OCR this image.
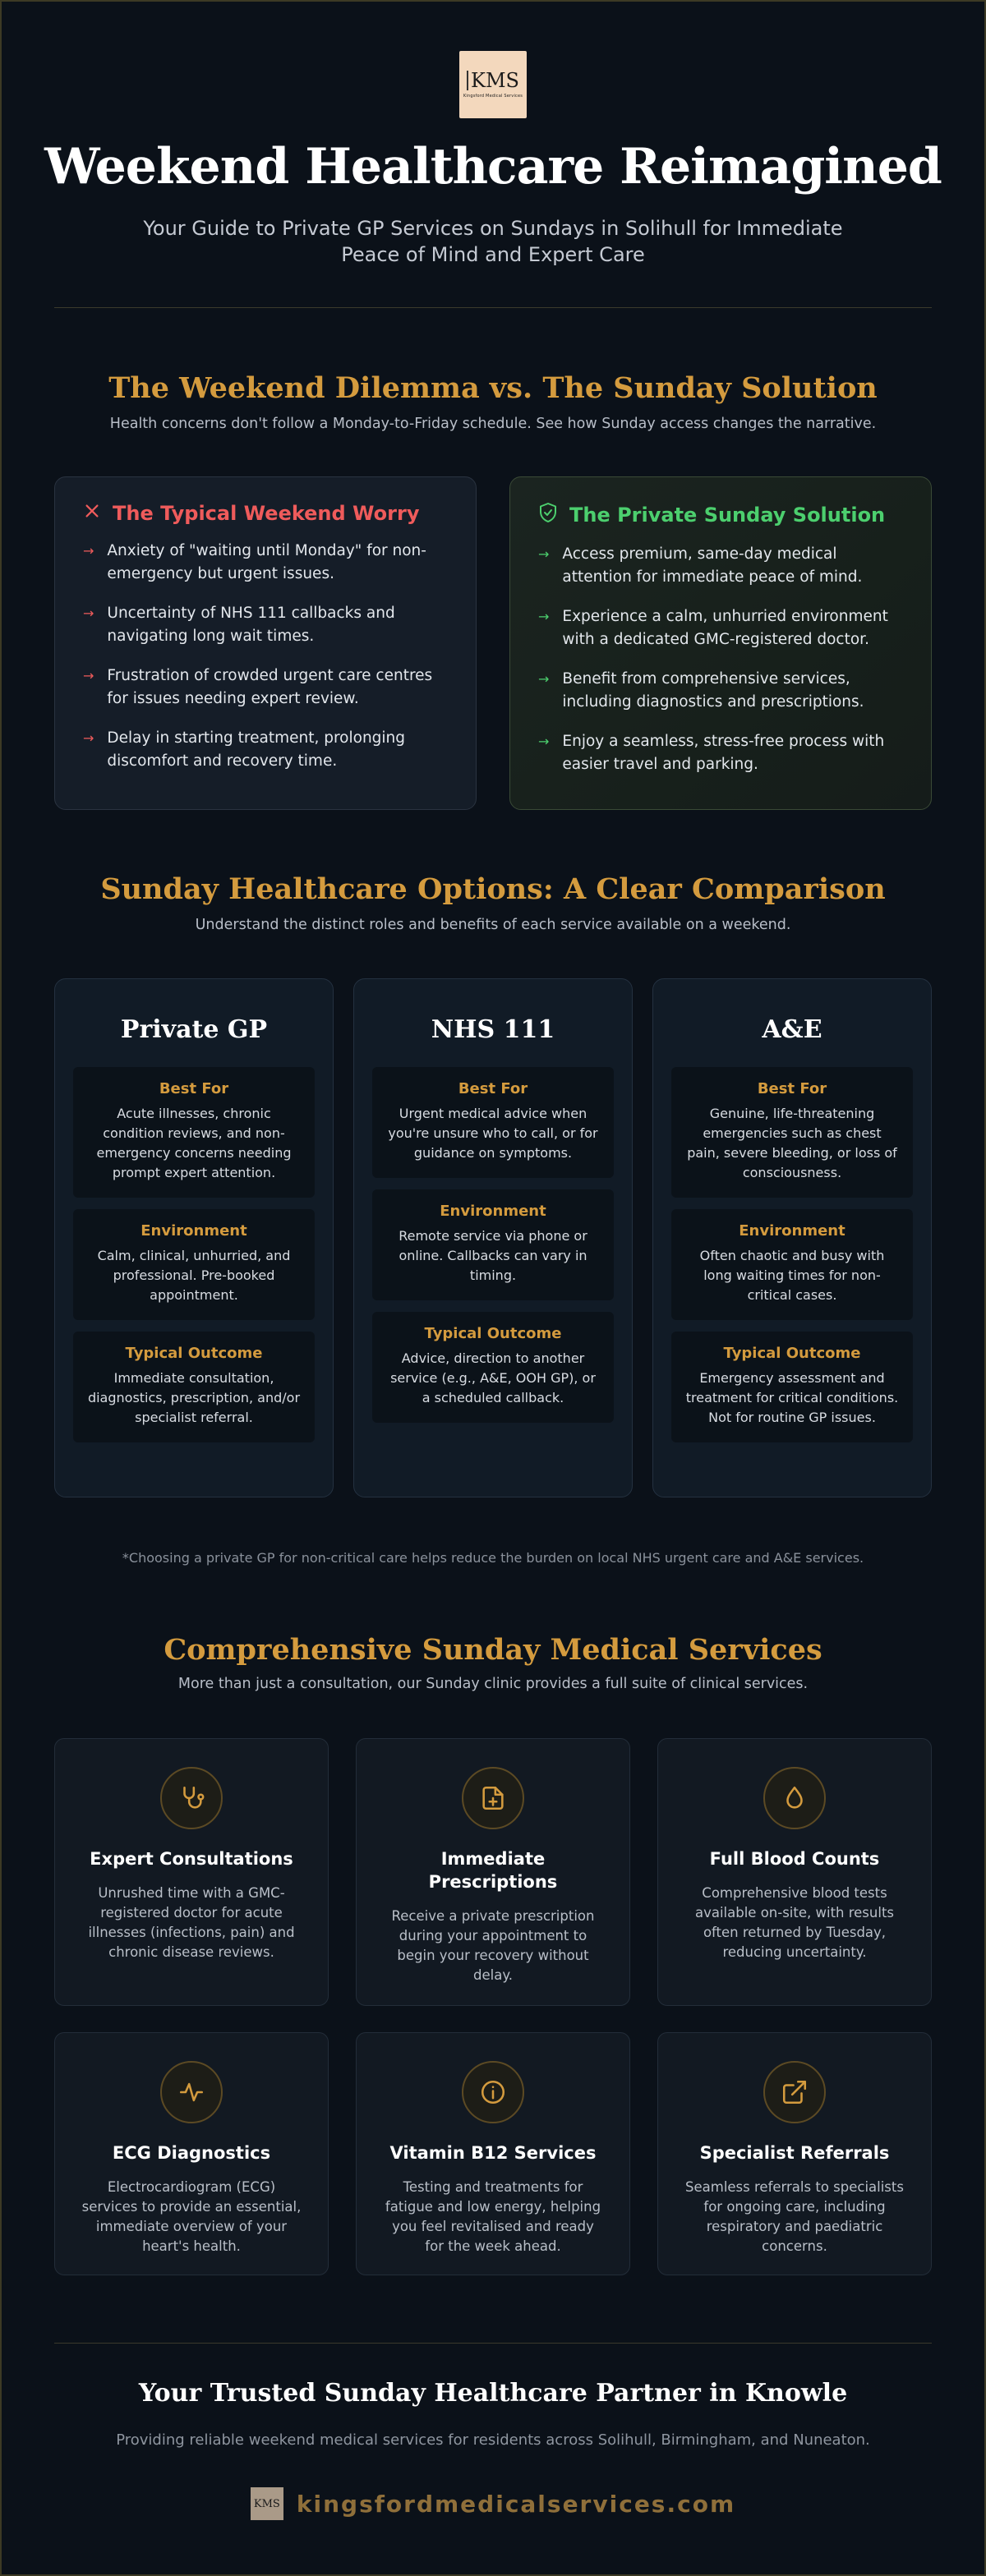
KMS
Kingsford Medical Services
Weekend Healthcare Reimagined

Your Guide to Private GP Services on Sundays in Solihull for Immediate Peace of Mind and Expert Care

The Weekend Dilemma vs. The Sunday Solution

Health concerns don't follow a Monday-to-Friday schedule. See how Sunday access changes the narrative.

The Typical Weekend Worry
→ Anxiety of "waiting until Monday" for non-emergency but urgent issues.
→ Uncertainty of NHS 111 callbacks and navigating long wait times.
→ Frustration of crowded urgent care centres for issues needing expert review.
→ Delay in starting treatment, prolonging discomfort and recovery time.
The Private Sunday Solution
→ Access premium, same-day medical attention for immediate peace of mind.
→ Experience a calm, unhurried environment with a dedicated GMC-registered doctor.
→ Benefit from comprehensive services, including diagnostics and prescriptions.
→ Enjoy a seamless, stress-free process with easier travel and parking.
Sunday Healthcare Options: A Clear Comparison

Understand the distinct roles and benefits of each service available on a weekend.

Private GP
Best For
Acute illnesses, chronic condition reviews, and non-emergency concerns needing prompt expert attention.
Environment
Calm, clinical, unhurried, and professional. Pre-booked appointment.
Typical Outcome
Immediate consultation, diagnostics, prescription, and/or specialist referral.
NHS 111
Best For
Urgent medical advice when you're unsure who to call, or for guidance on symptoms.
Environment
Remote service via phone or online. Callbacks can vary in timing.
Typical Outcome
Advice, direction to another service (e.g., A&E, OOH GP), or a scheduled callback.
A&E
Best For
Genuine, life-threatening emergencies such as chest pain, severe bleeding, or loss of consciousness.
Environment
Often chaotic and busy with long waiting times for non-critical cases.
Typical Outcome
Emergency assessment and treatment for critical conditions. Not for routine GP issues.

*Choosing a private GP for non-critical care helps reduce the burden on local NHS urgent care and A&E services.

Comprehensive Sunday Medical Services

More than just a consultation, our Sunday clinic provides a full suite of clinical services.

Expert Consultations

Unrushed time with a GMC-registered doctor for acute illnesses (infections, pain) and chronic disease reviews.

Immediate Prescriptions

Receive a private prescription during your appointment to begin your recovery without delay.

Full Blood Counts

Comprehensive blood tests available on-site, with results often returned by Tuesday, reducing uncertainty.

ECG Diagnostics

Electrocardiogram (ECG) services to provide an essential, immediate overview of your heart's health.

Vitamin B12 Services

Testing and treatments for fatigue and low energy, helping you feel revitalised and ready for the week ahead.

Specialist Referrals

Seamless referrals to specialists for ongoing care, including respiratory and paediatric concerns.

Your Trusted Sunday Healthcare Partner in Knowle

Providing reliable weekend medical services for residents across Solihull, Birmingham, and Nuneaton.

KMS kingsfordmedicalservices.com
